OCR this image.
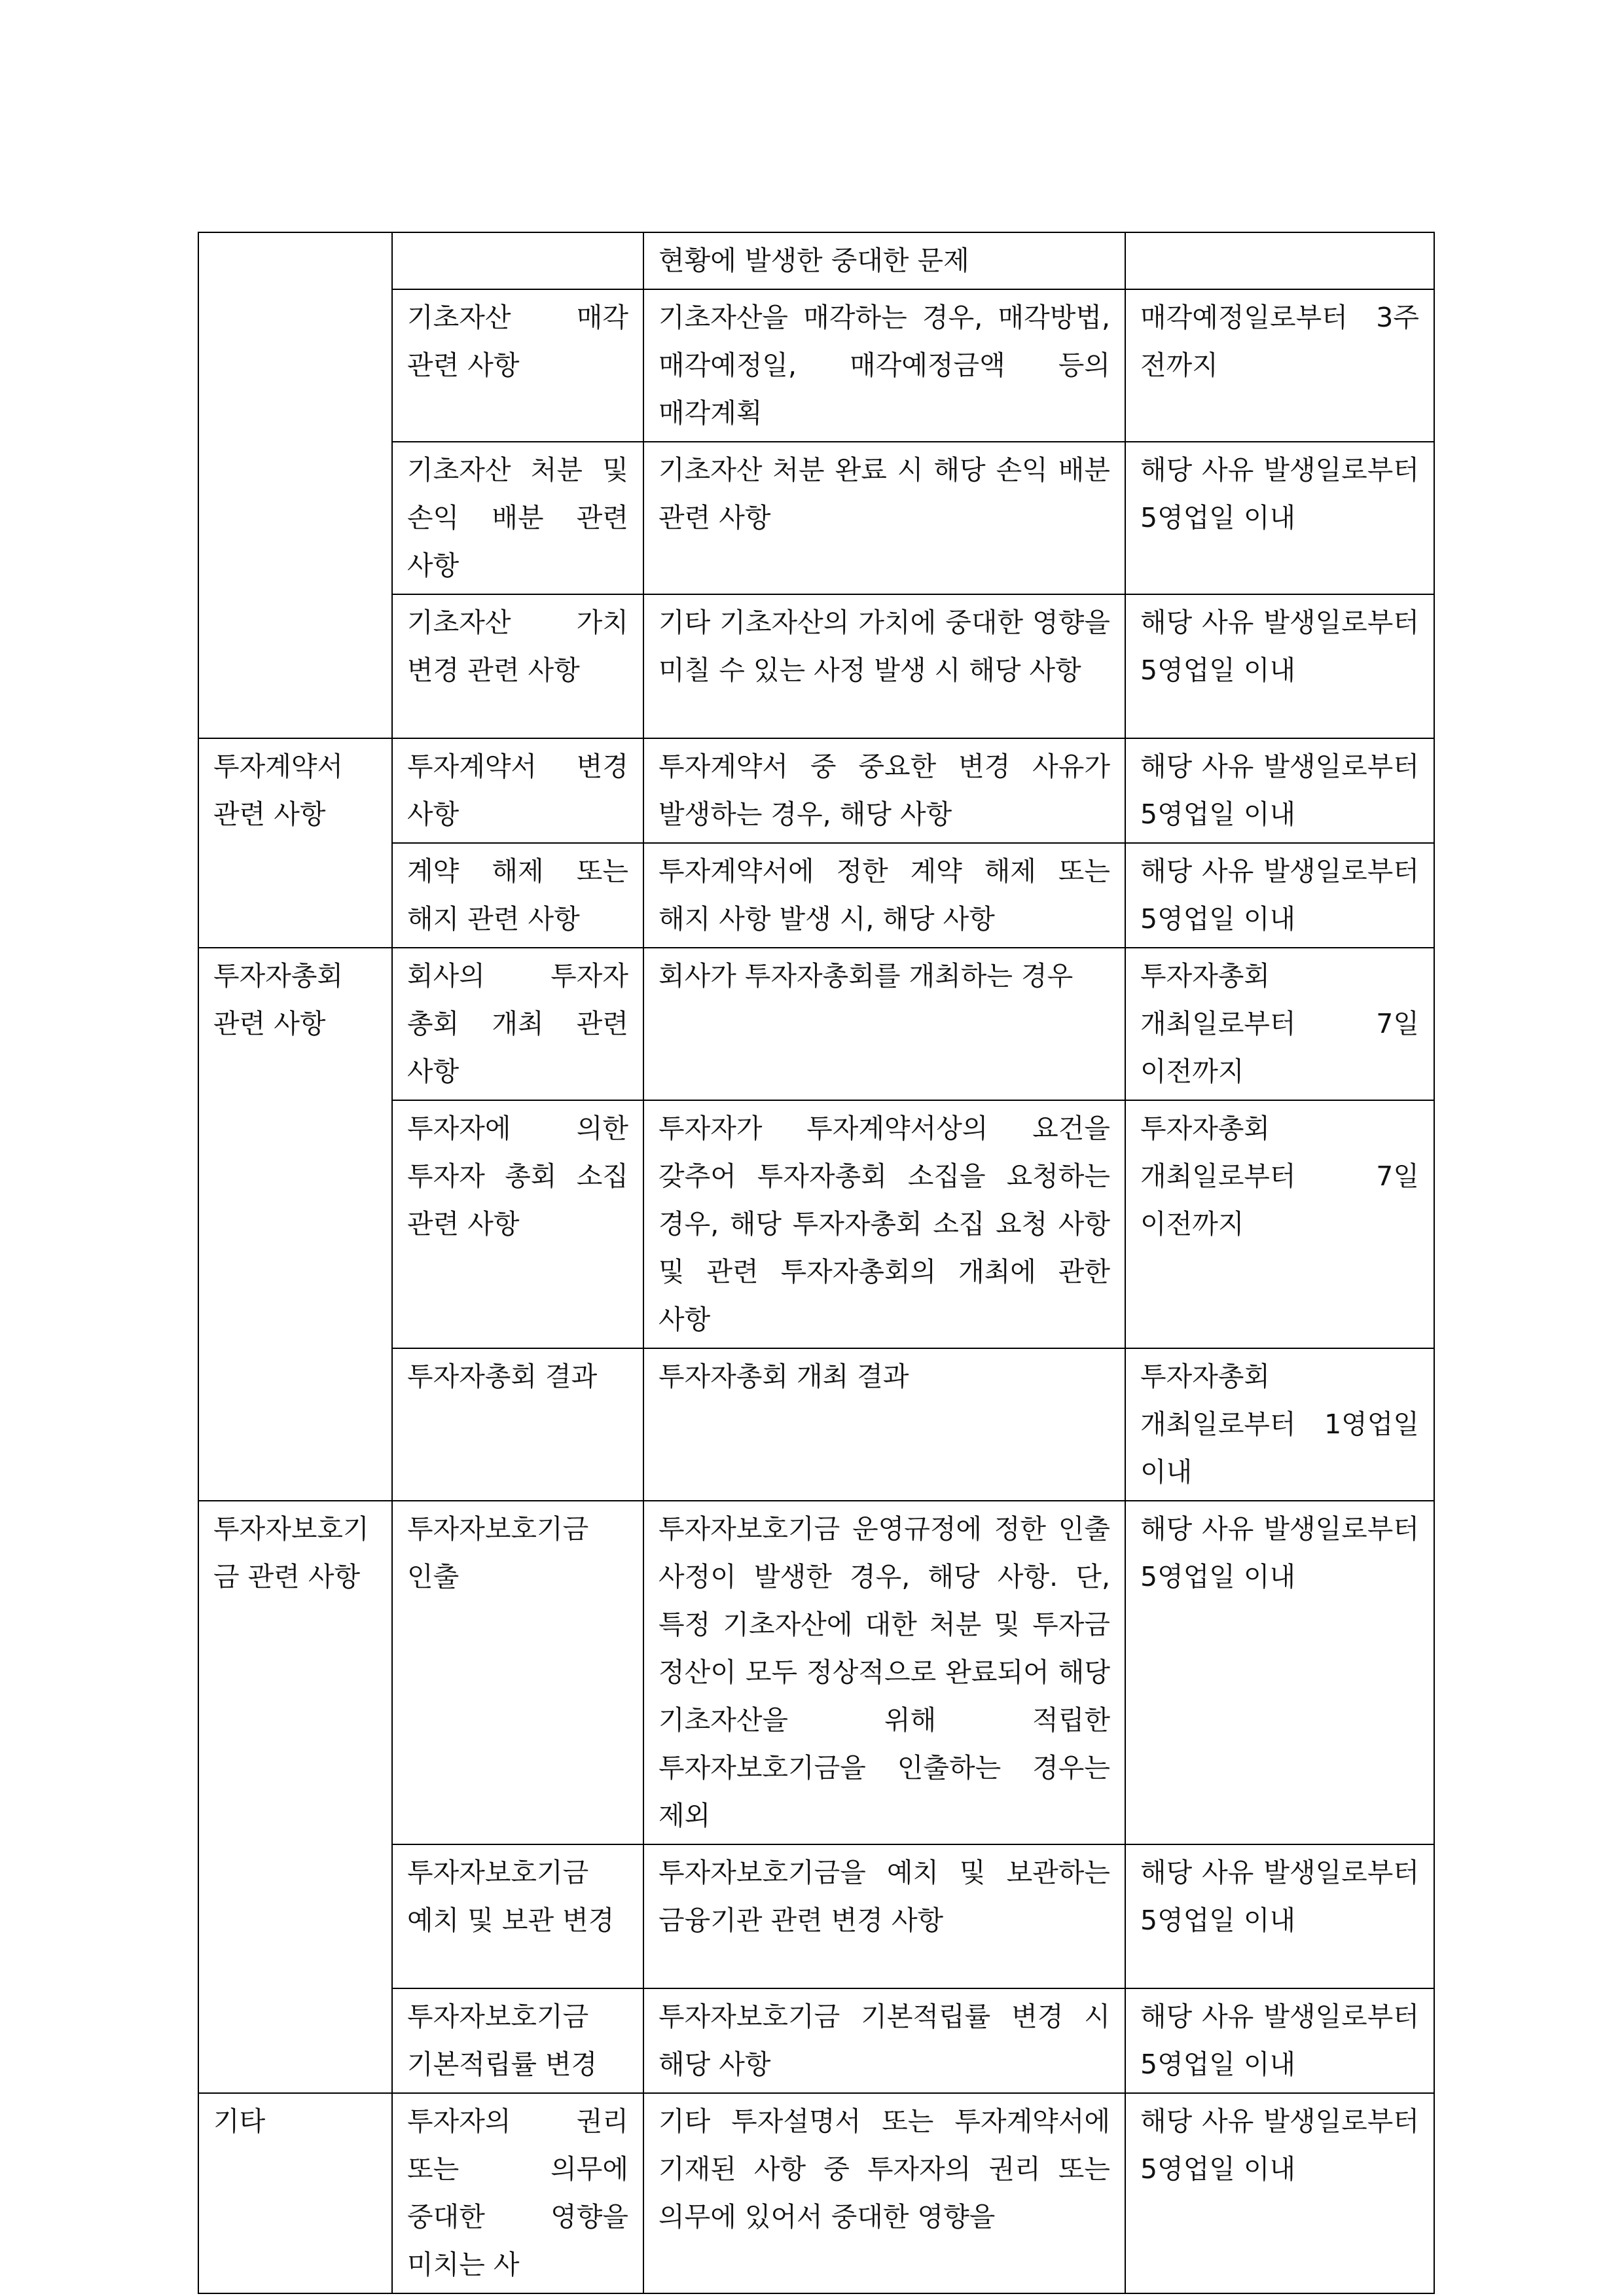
		현황에 발생한 중대한 문제	
	기초자산 매각 관련 사항	기초자산을 매각하는 경우, 매각방법, 매각예정일, 매각예정금액 등의 매각계획	매각예정일로부터 3주 전까지
	기초자산 처분 및 손익 배분 관련 사항	기초자산 처분 완료 시 해당 손익 배분 관련 사항	해당 사유 발생일로부터 5영업일 이내
	기초자산 가치 변경 관련 사항	기타 기초자산의 가치에 중대한 영향을 미칠 수 있는 사정 발생 시 해당 사항	해당 사유 발생일로부터 5영업일 이내
투자계약서 관련 사항	투자계약서 변경 사항	투자계약서 중 중요한 변경 사유가 발생하는 경우, 해당 사항	해당 사유 발생일로부터 5영업일 이내
	계약 해제 또는 해지 관련 사항	투자계약서에 정한 계약 해제 또는 해지 사항 발생 시, 해당 사항	해당 사유 발생일로부터 5영업일 이내
투자자총회 관련 사항	회사의 투자자 총회 개최 관련 사항	회사가 투자자총회를 개최하는 경우	투자자총회 개최일로부터 7일 이전까지
	투자자에 의한 투자자 총회 소집 관련 사항	투자자가 투자계약서상의 요건을 갖추어 투자자총회 소집을 요청하는 경우, 해당 투자자총회 소집 요청 사항 및 관련 투자자총회의 개최에 관한 사항	투자자총회 개최일로부터 7일 이전까지
	투자자총회 결과	투자자총회 개최 결과	투자자총회 개최일로부터 1영업일 이내
투자자보호기금 관련 사항	투자자보호기금 인출	투자자보호기금 운영규정에 정한 인출 사정이 발생한 경우, 해당 사항. 단, 특정 기초자산에 대한 처분 및 투자금 정산이 모두 정상적으로 완료되어 해당 기초자산을 위해 적립한 투자자보호기금을 인출하는 경우는 제외	해당 사유 발생일로부터 5영업일 이내
	투자자보호기금 예치 및 보관 변경	투자자보호기금을 예치 및 보관하는 금융기관 관련 변경 사항	해당 사유 발생일로부터 5영업일 이내
	투자자보호기금 기본적립률 변경	투자자보호기금 기본적립률 변경 시 해당 사항	해당 사유 발생일로부터 5영업일 이내
기타	투자자의 권리 또는 의무에 중대한 영향을 미치는 사	기타 투자설명서 또는 투자계약서에 기재된 사항 중 투자자의 권리 또는 의무에 있어서 중대한 영향을	해당 사유 발생일로부터 5영업일 이내
